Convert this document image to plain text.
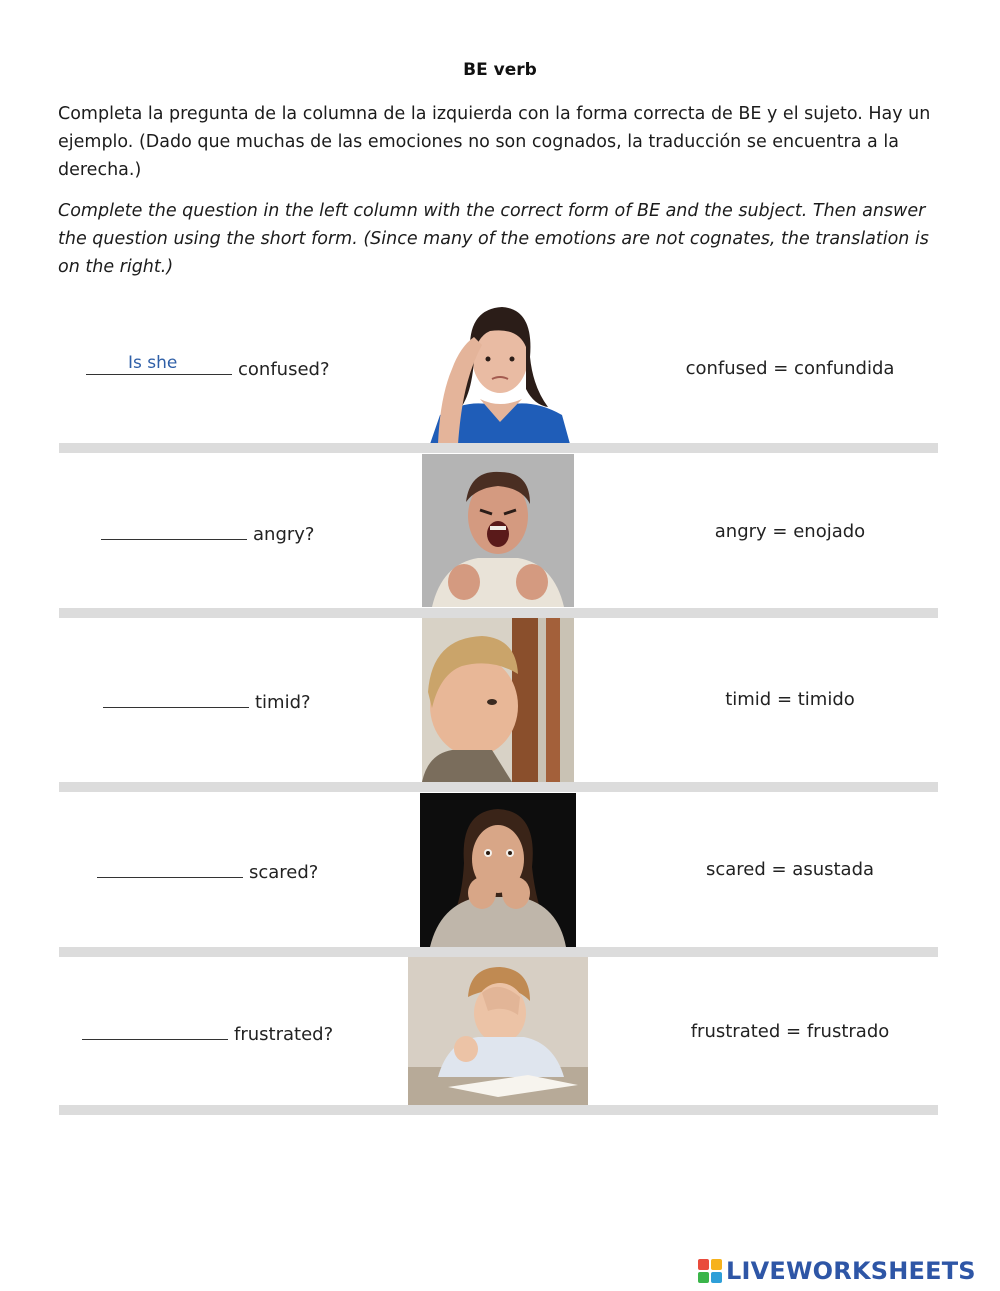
BE verb

Completa la pregunta de la columna de la izquierda con la forma correcta de BE y el sujeto. Hay un ejemplo. (Dado que muchas de las emociones no son cognados, la traducción se encuentra a la derecha.)

Complete the question in the left column with the correct form of BE and the subject. Then answer the question using the short form. (Since many of the emotions are not cognates, the translation is on the right.)

Is she	confused?	confused = confundida
angry?	angry = enojado
timid?	timid = timido
scared?	scared = asustada
frustrated?	frustrated = frustrado
LIVEWORKSHEETS
